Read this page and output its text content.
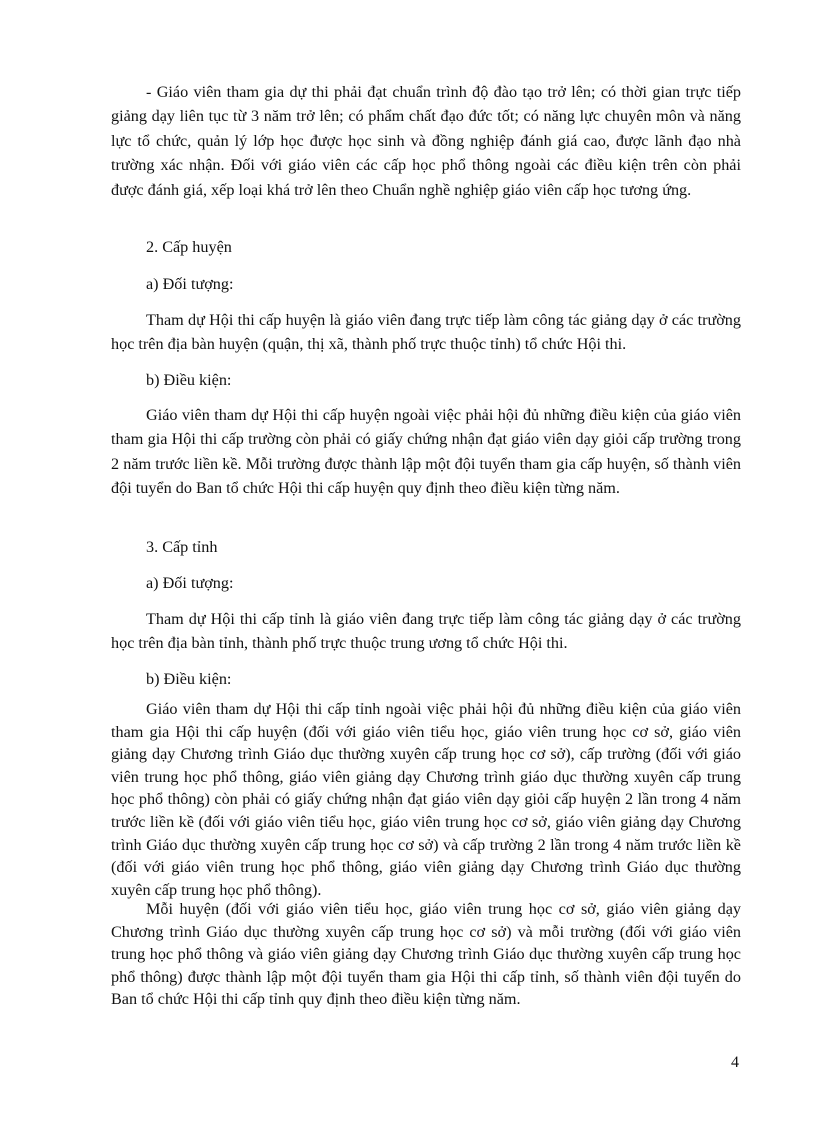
- Giáo viên tham gia dự thi phải đạt chuẩn trình độ đào tạo trở lên; có thời gian trực tiếp giảng dạy liên tục từ 3 năm trở lên; có phẩm chất đạo đức tốt; có năng lực chuyên môn và năng lực tổ chức, quản lý lớp học được học sinh và đồng nghiệp đánh giá cao, được lãnh đạo nhà trường xác nhận. Đối với giáo viên các cấp học phổ thông ngoài các điều kiện trên còn phải được đánh giá, xếp loại khá trở lên theo Chuẩn nghề nghiệp giáo viên cấp học tương ứng.

2. Cấp huyện

a) Đối tượng:

Tham dự Hội thi cấp huyện là giáo viên đang trực tiếp làm công tác giảng dạy ở các trường học trên địa bàn huyện (quận, thị xã, thành phố trực thuộc tỉnh) tổ chức Hội thi.

b) Điều kiện:

Giáo viên tham dự Hội thi cấp huyện ngoài việc phải hội đủ những điều kiện của giáo viên tham gia Hội thi cấp trường còn phải có giấy chứng nhận đạt giáo viên dạy giỏi cấp trường trong 2 năm trước liền kề. Mỗi trường được thành lập một đội tuyển tham gia cấp huyện, số thành viên đội tuyển do Ban tổ chức Hội thi cấp huyện quy định theo điều kiện từng năm.

3. Cấp tỉnh

a) Đối tượng:

Tham dự Hội thi cấp tỉnh là giáo viên đang trực tiếp làm công tác giảng dạy ở các trường học trên địa bàn tỉnh, thành phố trực thuộc trung ương tổ chức Hội thi.

b) Điều kiện:

Giáo viên tham dự Hội thi cấp tỉnh ngoài việc phải hội đủ những điều kiện của giáo viên tham gia Hội thi cấp huyện (đối với giáo viên tiểu học, giáo viên trung học cơ sở, giáo viên giảng dạy Chương trình Giáo dục thường xuyên cấp trung học cơ sở), cấp trường (đối với giáo viên trung học phổ thông, giáo viên giảng dạy Chương trình giáo dục thường xuyên cấp trung học phổ thông) còn phải có giấy chứng nhận đạt giáo viên dạy giỏi cấp huyện 2 lần trong 4 năm trước liền kề (đối với giáo viên tiểu học, giáo viên trung học cơ sở, giáo viên giảng dạy Chương trình Giáo dục thường xuyên cấp trung học cơ sở) và cấp trường 2 lần trong 4 năm trước liền kề (đối với giáo viên trung học phổ thông, giáo viên giảng dạy Chương trình Giáo dục thường xuyên cấp trung học phổ thông).

Mỗi huyện (đối với giáo viên tiểu học, giáo viên trung học cơ sở, giáo viên giảng dạy Chương trình Giáo dục thường xuyên cấp trung học cơ sở) và mỗi trường (đối với giáo viên trung học phổ thông và giáo viên giảng dạy Chương trình Giáo dục thường xuyên cấp trung học phổ thông) được thành lập một đội tuyển tham gia Hội thi cấp tỉnh, số thành viên đội tuyển do Ban tổ chức Hội thi cấp tỉnh quy định theo điều kiện từng năm.

4
